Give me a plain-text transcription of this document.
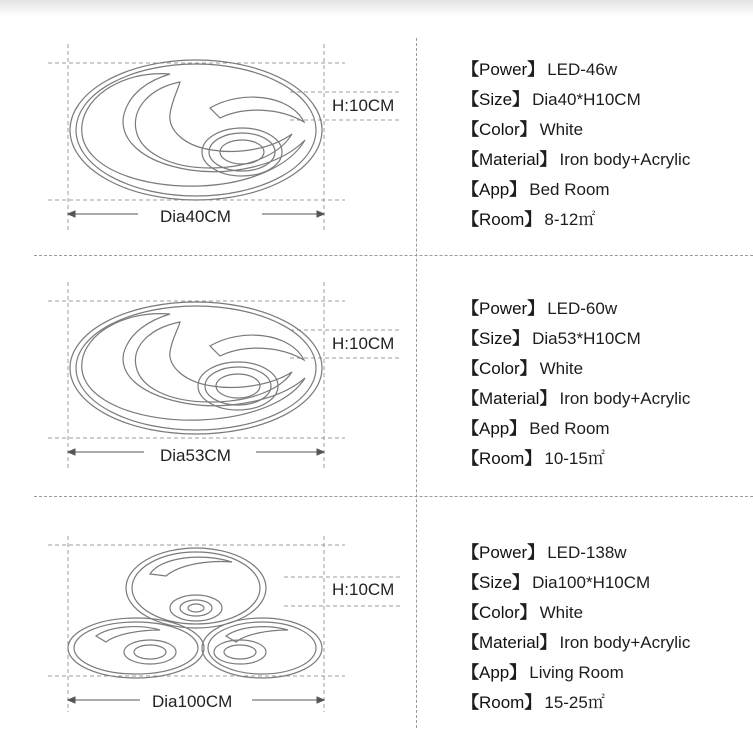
H:10CM
Dia40CM
【Power】 LED-46w
【Size】 Dia40*H10CM
【Color】 White
【Material】 Iron body+Acrylic
【App】 Bed Room
【Room】 8-12㎡
H:10CM
Dia53CM
【Power】 LED-60w
【Size】 Dia53*H10CM
【Color】 White
【Material】 Iron body+Acrylic
【App】 Bed Room
【Room】 10-15㎡
H:10CM
Dia100CM
【Power】 LED-138w
【Size】 Dia100*H10CM
【Color】 White
【Material】 Iron body+Acrylic
【App】 Living Room
【Room】 15-25㎡
